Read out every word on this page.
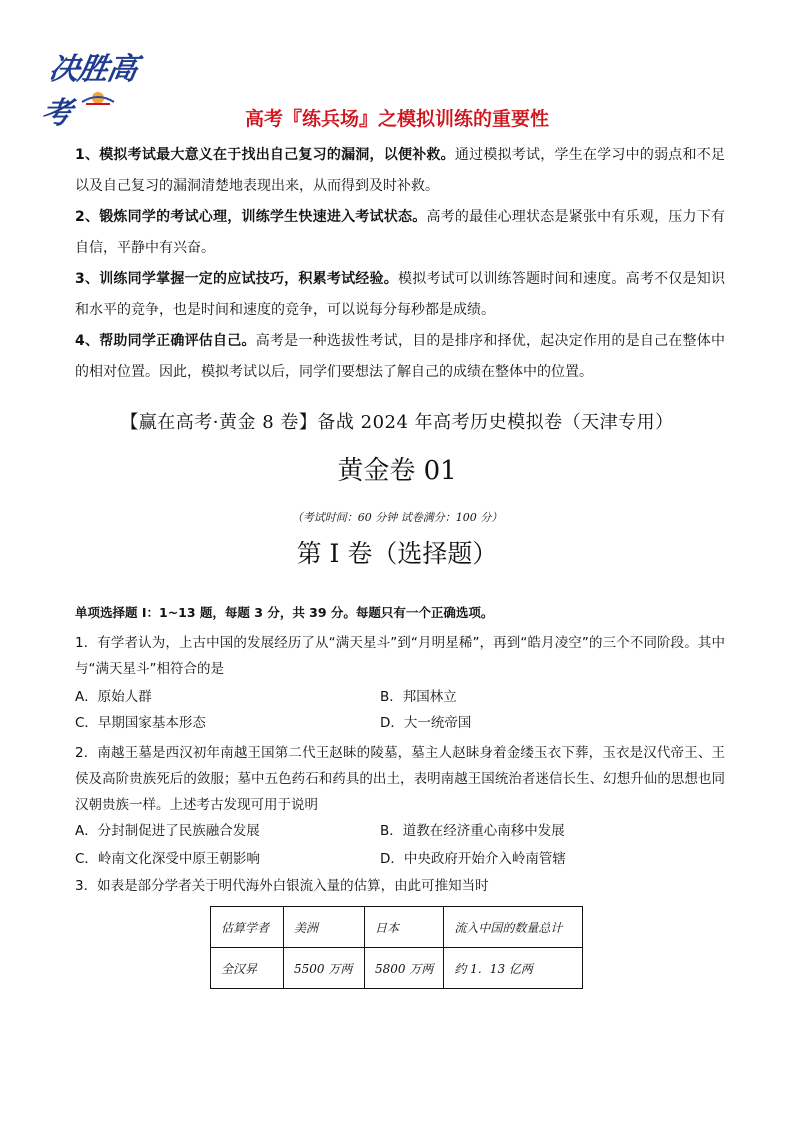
决胜高考	高考『练兵场』之模拟训练的重要性

1、模拟考试最大意义在于找出自己复习的漏洞，以便补救。通过模拟考试，学生在学习中的弱点和不足以及自己复习的漏洞清楚地表现出来，从而得到及时补救。

2、锻炼同学的考试心理，训练学生快速进入考试状态。高考的最佳心理状态是紧张中有乐观，压力下有自信，平静中有兴奋。

3、训练同学掌握一定的应试技巧，积累考试经验。模拟考试可以训练答题时间和速度。高考不仅是知识和水平的竞争，也是时间和速度的竞争，可以说每分每秒都是成绩。

4、帮助同学正确评估自己。高考是一种选拔性考试，目的是排序和择优，起决定作用的是自己在整体中的相对位置。因此，模拟考试以后，同学们要想法了解自己的成绩在整体中的位置。

【赢在高考·黄金 8 卷】备战 2024 年高考历史模拟卷（天津专用）
黄金卷 01
（考试时间：60 分钟 试卷满分：100 分）
第 I 卷（选择题）

单项选择题 I：1~13 题，每题 3 分，共 39 分。每题只有一个正确选项。

1．有学者认为，上古中国的发展经历了从“满天星斗”到“月明星稀”，再到“皓月凌空”的三个不同阶段。其中与“满天星斗”相符合的是

A．原始人群	B．邦国林立
C．早期国家基本形态	D．大一统帝国

2．南越王墓是西汉初年南越王国第二代王赵眛的陵墓，墓主人赵眛身着金缕玉衣下葬，玉衣是汉代帝王、王侯及高阶贵族死后的敛服；墓中五色药石和药具的出土，表明南越王国统治者迷信长生、幻想升仙的思想也同汉朝贵族一样。上述考古发现可用于说明

A．分封制促进了民族融合发展	B．道教在经济重心南移中发展
C．岭南文化深受中原王朝影响	D．中央政府开始介入岭南管辖

3．如表是部分学者关于明代海外白银流入量的估算，由此可推知当时

估算学者	美洲	日本	流入中国的数量总计
全汉昇	5500 万两	5800 万两	约 1．13 亿两
